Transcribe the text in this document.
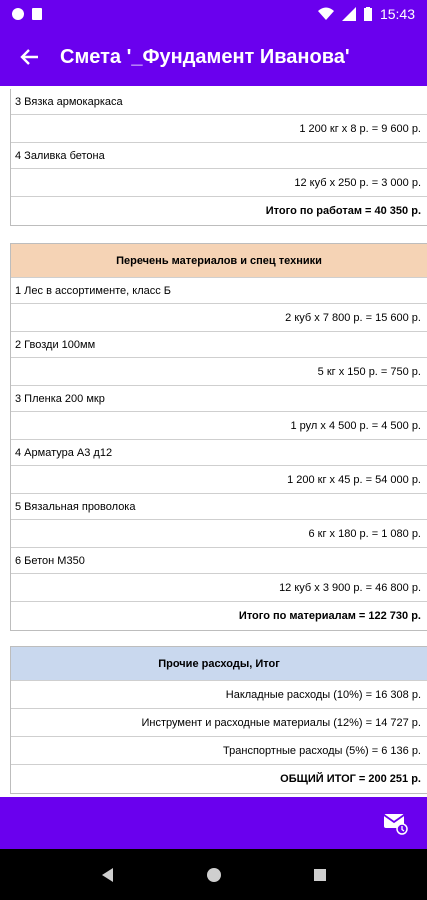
15:43
Смета '_Фундамент Иванова'
3 Вязка армокаркаса
1 200 кг х 8 р. = 9 600 р.
4 Заливка бетона
12 куб х 250 р. = 3 000 р.
Итого по работам = 40 350 р.
Перечень материалов и спец техники
1 Лес в ассортименте, класс Б
2 куб х 7 800 р. = 15 600 р.
2 Гвозди 100мм
5 кг х 150 р. = 750 р.
3 Пленка 200 мкр
1 рул х 4 500 р. = 4 500 р.
4 Арматура А3 д12
1 200 кг х 45 р. = 54 000 р.
5 Вязальная проволока
6 кг х 180 р. = 1 080 р.
6 Бетон М350
12 куб х 3 900 р. = 46 800 р.
Итого по материалам = 122 730 р.
Прочие расходы, Итог
Накладные расходы (10%) = 16 308 р.
Инструмент и расходные материалы (12%) = 14 727 р.
Транспортные расходы (5%) = 6 136 р.
ОБЩИЙ ИТОГ = 200 251 р.
